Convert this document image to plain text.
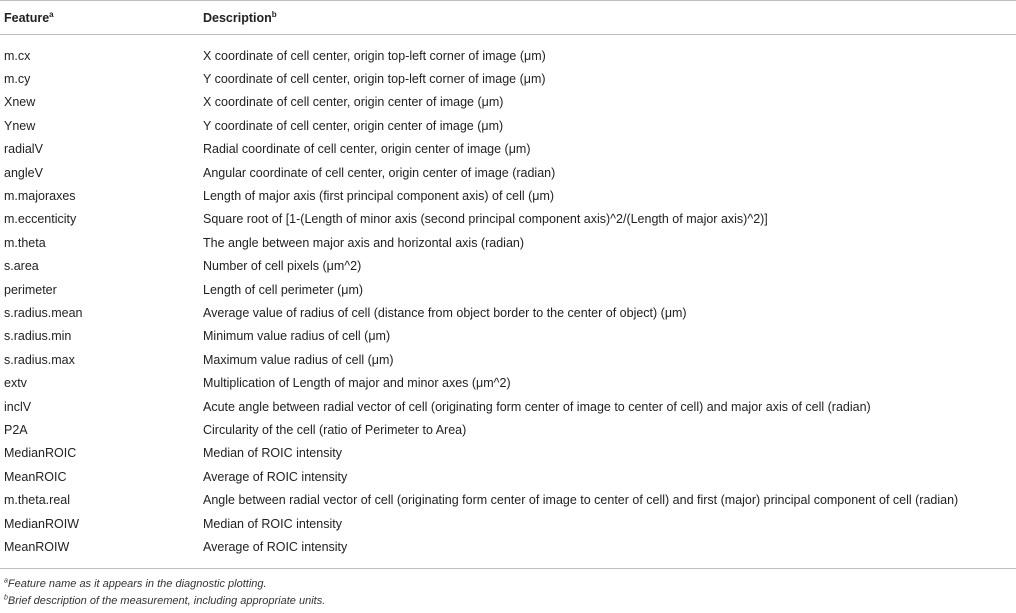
Feature$^a$	Description$^b$

m.cx	X coordinate of cell center, origin top-left corner of image (μm)
m.cy	Y coordinate of cell center, origin top-left corner of image (μm)
Xnew	X coordinate of cell center, origin center of image (μm)
Ynew	Y coordinate of cell center, origin center of image (μm)
radialV	Radial coordinate of cell center, origin center of image (μm)
angleV	Angular coordinate of cell center, origin center of image (radian)
m.majoraxes	Length of major axis (first principal component axis) of cell (μm)
m.eccenticity	Square root of [1-(Length of minor axis (second principal component axis)^2/(Length of major axis)^2)]
m.theta	The angle between major axis and horizontal axis (radian)
s.area	Number of cell pixels (μm^2)
perimeter	Length of cell perimeter (μm)
s.radius.mean	Average value of radius of cell (distance from object border to the center of object) (μm)
s.radius.min	Minimum value radius of cell (μm)
s.radius.max	Maximum value radius of cell (μm)
extv	Multiplication of Length of major and minor axes (μm^2)
inclV	Acute angle between radial vector of cell (originating form center of image to center of cell) and major axis of cell (radian)
P2A	Circularity of the cell (ratio of Perimeter to Area)
MedianROIC	Median of ROIC intensity
MeanROIC	Average of ROIC intensity
m.theta.real	Angle between radial vector of cell (originating form center of image to center of cell) and first (major) principal component of cell (radian)
MedianROIW	Median of ROIC intensity
MeanROIW	Average of ROIC intensity

$^a$Feature name as it appears in the diagnostic plotting.
$^b$Brief description of the measurement, including appropriate units.
